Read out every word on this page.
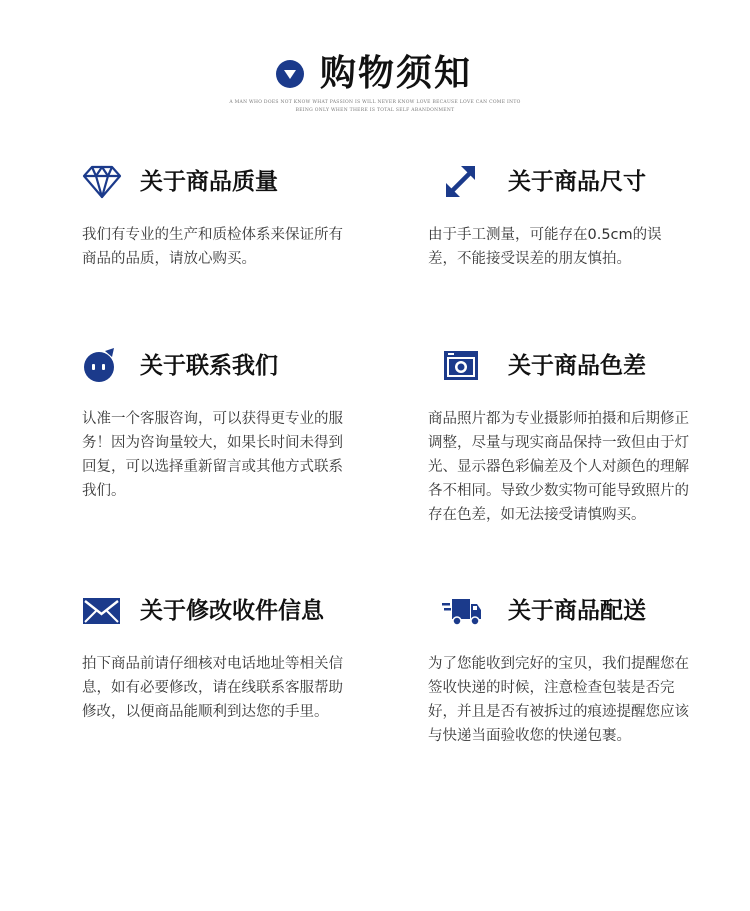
购物须知
A MAN WHO DOES NOT KNOW WHAT PASSION IS WILL NEVER KNOW LOVE BECAUSE LOVE CAN COME INTO BEING ONLY WHEN THERE IS TOTAL SELF ABANDONMENT
关于商品质量
我们有专业的生产和质检体系来保证所有商品的品质，请放心购买。
关于商品尺寸
由于手工测量，可能存在0.5cm的误差，不能接受误差的朋友慎拍。
关于联系我们
认准一个客服咨询，可以获得更专业的服务！因为咨询量较大，如果长时间未得到回复，可以选择重新留言或其他方式联系我们。
关于商品色差
商品照片都为专业摄影师拍摄和后期修正调整，尽量与现实商品保持一致但由于灯光、显示器色彩偏差及个人对颜色的理解各不相同。导致少数实物可能导致照片的存在色差，如无法接受请慎购买。
关于修改收件信息
拍下商品前请仔细核对电话地址等相关信息，如有必要修改，请在线联系客服帮助修改，以便商品能顺利到达您的手里。
关于商品配送
为了您能收到完好的宝贝，我们提醒您在签收快递的时候，注意检查包装是否完好，并且是否有被拆过的痕迹提醒您应该与快递当面验收您的快递包裹。
